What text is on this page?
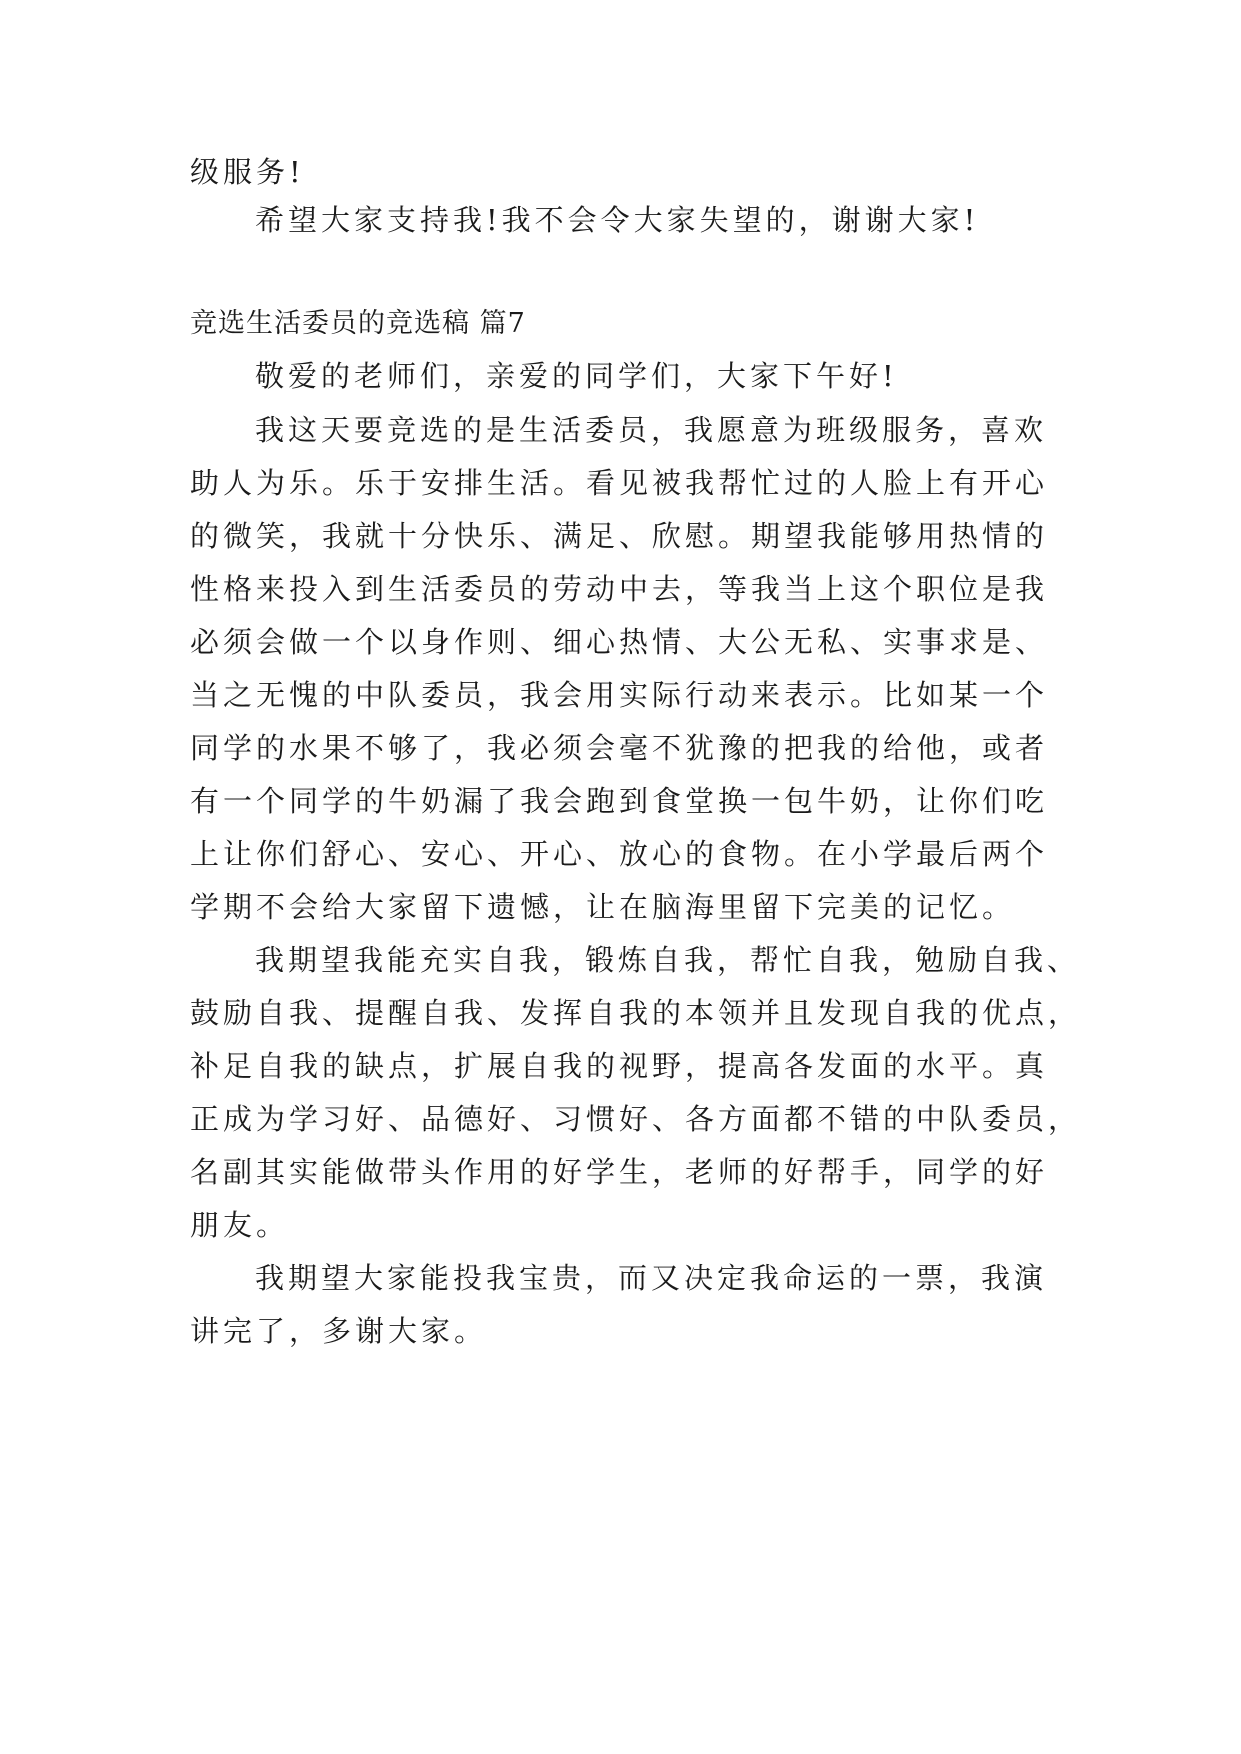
级服务!
希望大家支持我!我不会令大家失望的，谢谢大家!
竞选生活委员的竞选稿 篇7
敬爱的老师们，亲爱的同学们，大家下午好!
我这天要竞选的是生活委员，我愿意为班级服务，喜欢
助人为乐。乐于安排生活。看见被我帮忙过的人脸上有开心
的微笑，我就十分快乐、满足、欣慰。期望我能够用热情的
性格来投入到生活委员的劳动中去，等我当上这个职位是我
必须会做一个以身作则、细心热情、大公无私、实事求是、
当之无愧的中队委员，我会用实际行动来表示。比如某一个
同学的水果不够了，我必须会毫不犹豫的把我的给他，或者
有一个同学的牛奶漏了我会跑到食堂换一包牛奶，让你们吃
上让你们舒心、安心、开心、放心的食物。在小学最后两个
学期不会给大家留下遗憾，让在脑海里留下完美的记忆。
我期望我能充实自我，锻炼自我，帮忙自我，勉励自我、
鼓励自我、提醒自我、发挥自我的本领并且发现自我的优点，
补足自我的缺点，扩展自我的视野，提高各发面的水平。真
正成为学习好、品德好、习惯好、各方面都不错的中队委员，
名副其实能做带头作用的好学生，老师的好帮手，同学的好
朋友。
我期望大家能投我宝贵，而又决定我命运的一票，我演
讲完了，多谢大家。
